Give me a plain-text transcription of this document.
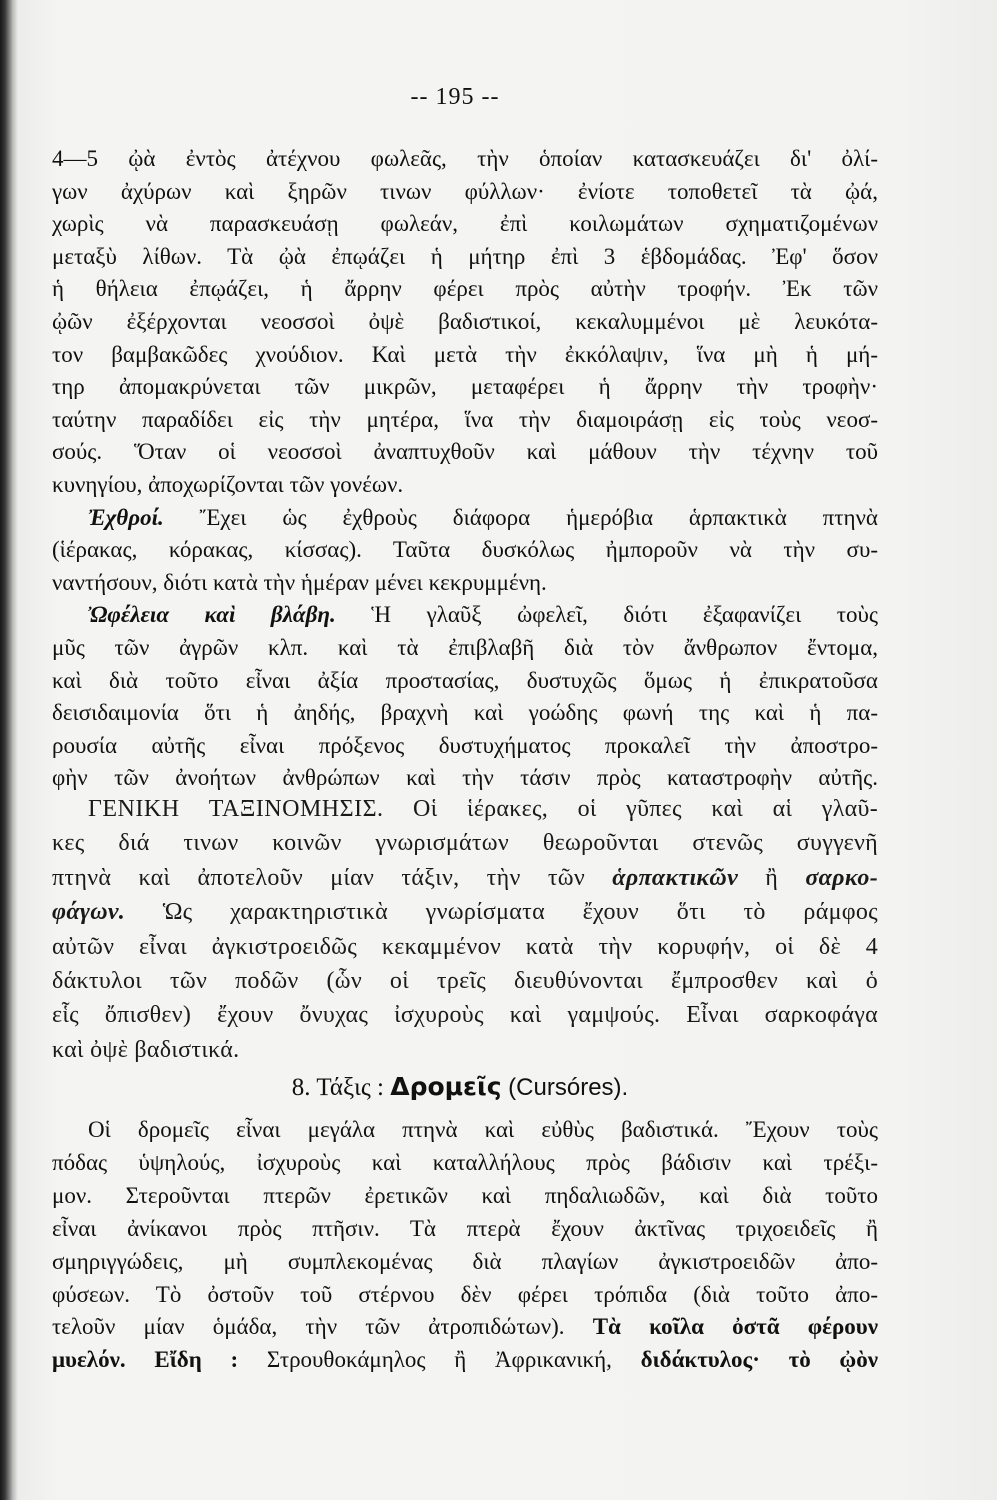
-- 195 --
4—5 ᾠὰ ἐντὸς ἀτέχνου φωλεᾶς, τὴν ὁποίαν κατασκευάζει δι' ὀλί-
γων ἀχύρων καὶ ξηρῶν τινων φύλλων· ἐνίοτε τοποθετεῖ τὰ ᾠά,
χωρὶς νὰ παρασκευάσῃ φωλεάν, ἐπὶ κοιλωμάτων σχηματιζομένων
μεταξὺ λίθων. Τὰ ᾠὰ ἐπῳάζει ἡ μήτηρ ἐπὶ 3 ἑβδομάδας. Ἐφ' ὅσον
ἡ θήλεια ἐπῳάζει, ἡ ἄρρην φέρει πρὸς αὐτὴν τροφήν. Ἐκ τῶν
ᾠῶν ἐξέρχονται νεοσσοὶ ὀψὲ βαδιστικοί, κεκαλυμμένοι μὲ λευκότα-
τον βαμβακῶδες χνούδιον. Καὶ μετὰ τὴν ἐκκόλαψιν, ἵνα μὴ ἡ μή-
τηρ ἀπομακρύνεται τῶν μικρῶν, μεταφέρει ἡ ἄρρην τὴν τροφὴν·
ταύτην παραδίδει εἰς τὴν μητέρα, ἵνα τὴν διαμοιράσῃ εἰς τοὺς νεοσ-
σούς. Ὅταν οἱ νεοσσοὶ ἀναπτυχθοῦν καὶ μάθουν τὴν τέχνην τοῦ
κυνηγίου, ἀποχωρίζονται τῶν γονέων.
Ἐχθροί. Ἔχει ὡς ἐχθροὺς διάφορα ἡμερόβια ἁρπακτικὰ πτηνὰ
(ἱέρακας, κόρακας, κίσσας). Ταῦτα δυσκόλως ἠμποροῦν νὰ τὴν συ-
ναντήσουν, διότι κατὰ τὴν ἡμέραν μένει κεκρυμμένη.
Ὠφέλεια καὶ βλάβη. Ἡ γλαῦξ ὠφελεῖ, διότι ἐξαφανίζει τοὺς
μῦς τῶν ἀγρῶν κλπ. καὶ τὰ ἐπιβλαβῆ διὰ τὸν ἄνθρωπον ἔντομα,
καὶ διὰ τοῦτο εἶναι ἀξία προστασίας, δυστυχῶς ὅμως ἡ ἐπικρατοῦσα
δεισιδαιμονία ὅτι ἡ ἀηδής, βραχνὴ καὶ γοώδης φωνή της καὶ ἡ πα-
ρουσία αὐτῆς εἶναι πρόξενος δυστυχήματος προκαλεῖ τὴν ἀποστρο-
φὴν τῶν ἀνοήτων ἀνθρώπων καὶ τὴν τάσιν πρὸς καταστροφὴν αὐτῆς.
ΓΕΝΙΚΗ ΤΑΞΙΝΟΜΗΣΙΣ. Οἱ ἱέρακες, οἱ γῦπες καὶ αἱ γλαῦ-
κες διά τινων κοινῶν γνωρισμάτων θεωροῦνται στενῶς συγγενῆ
πτηνὰ καὶ ἀποτελοῦν μίαν τάξιν, τὴν τῶν ἁρπακτικῶν ἢ σαρκο-
φάγων. Ὡς χαρακτηριστικὰ γνωρίσματα ἔχουν ὅτι τὸ ράμφος
αὐτῶν εἶναι ἀγκιστροειδῶς κεκαμμένον κατὰ τὴν κορυφήν, οἱ δὲ 4
δάκτυλοι τῶν ποδῶν (ὧν οἱ τρεῖς διευθύνονται ἔμπροσθεν καὶ ὁ
εἷς ὄπισθεν) ἔχουν ὄνυχας ἰσχυροὺς καὶ γαμψούς. Εἶναι σαρκοφάγα
καὶ ὀψὲ βαδιστικά.
8. Τάξις : Δρομεῖς (Cursóres).
Οἱ δρομεῖς εἶναι μεγάλα πτηνὰ καὶ εὐθὺς βαδιστικά. Ἔχουν τοὺς
πόδας ὑψηλούς, ἰσχυροὺς καὶ καταλλήλους πρὸς βάδισιν καὶ τρέξι-
μον. Στεροῦνται πτερῶν ἐρετικῶν καὶ πηδαλιωδῶν, καὶ διὰ τοῦτο
εἶναι ἀνίκανοι πρὸς πτῆσιν. Τὰ πτερὰ ἔχουν ἀκτῖνας τριχοειδεῖς ἢ
σμηριγγώδεις, μὴ συμπλεκομένας διὰ πλαγίων ἀγκιστροειδῶν ἀπο-
φύσεων. Τὸ ὀστοῦν τοῦ στέρνου δὲν φέρει τρόπιδα (διὰ τοῦτο ἀπο-
τελοῦν μίαν ὁμάδα, τὴν τῶν ἀτροπιδώτων). Τὰ κοῖλα ὀστᾶ φέρουν
μυελόν. Εἴδη : Στρουθοκάμηλος ἢ Ἀφρικανική, διδάκτυλος· τὸ ᾠὸν
